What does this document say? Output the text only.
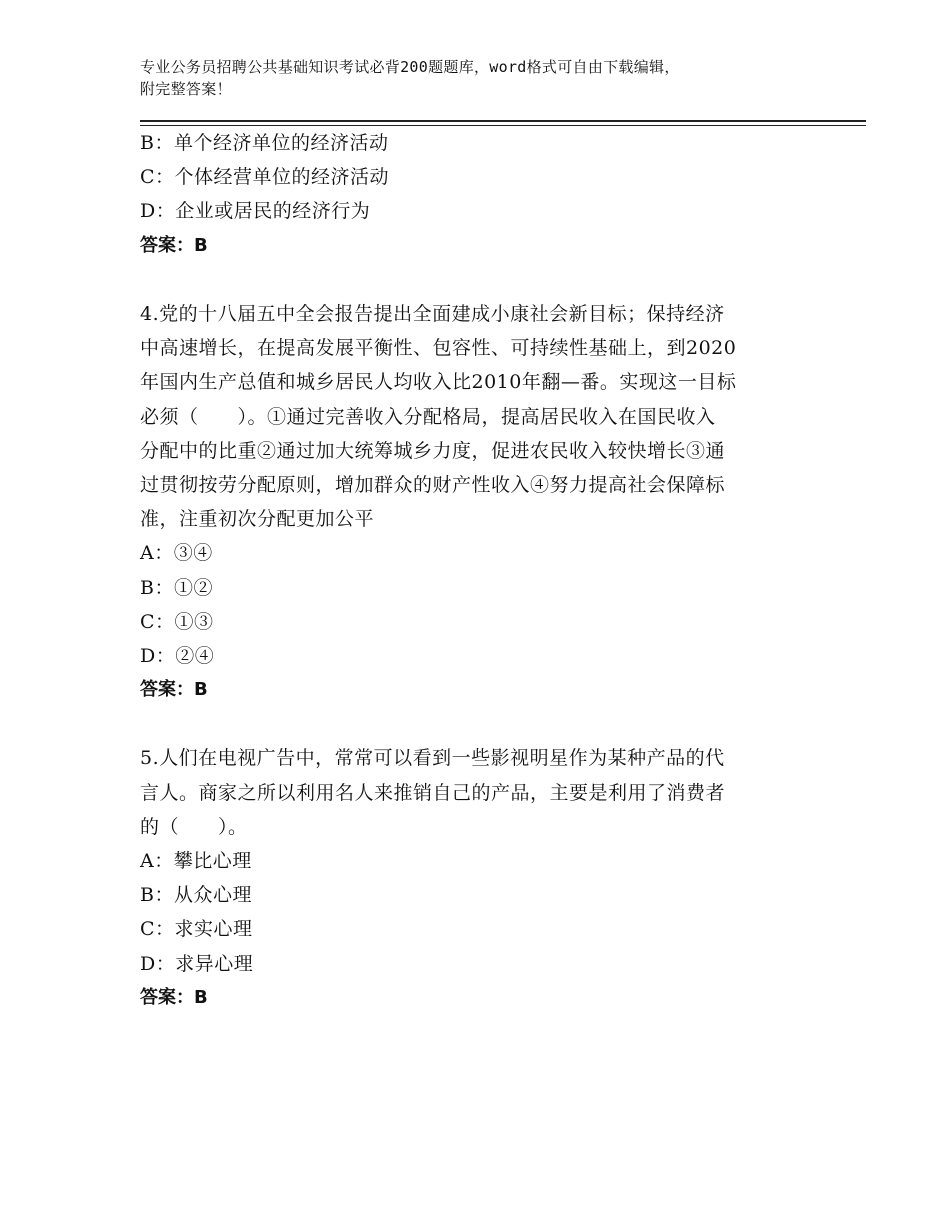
专业公务员招聘公共基础知识考试必背200题题库，word格式可自由下载编辑，
附完整答案！
B：单个经济单位的经济活动
C：个体经营单位的经济活动
D：企业或居民的经济行为
答案：B
4.党的十八届五中全会报告提出全面建成小康社会新目标；保持经济
中高速增长，在提高发展平衡性、包容性、可持续性基础上，到2020
年国内生产总值和城乡居民人均收入比2010年翻—番。实现这一目标
必须（　　）。①通过完善收入分配格局，提高居民收入在国民收入
分配中的比重②通过加大统筹城乡力度，促进农民收入较快增长③通
过贯彻按劳分配原则，增加群众的财产性收入④努力提高社会保障标
准，注重初次分配更加公平
A：③④
B：①②
C：①③
D：②④
答案：B
5.人们在电视广告中，常常可以看到一些影视明星作为某种产品的代
言人。商家之所以利用名人来推销自己的产品，主要是利用了消费者
的（　　）。
A：攀比心理
B：从众心理
C：求实心理
D：求异心理
答案：B
